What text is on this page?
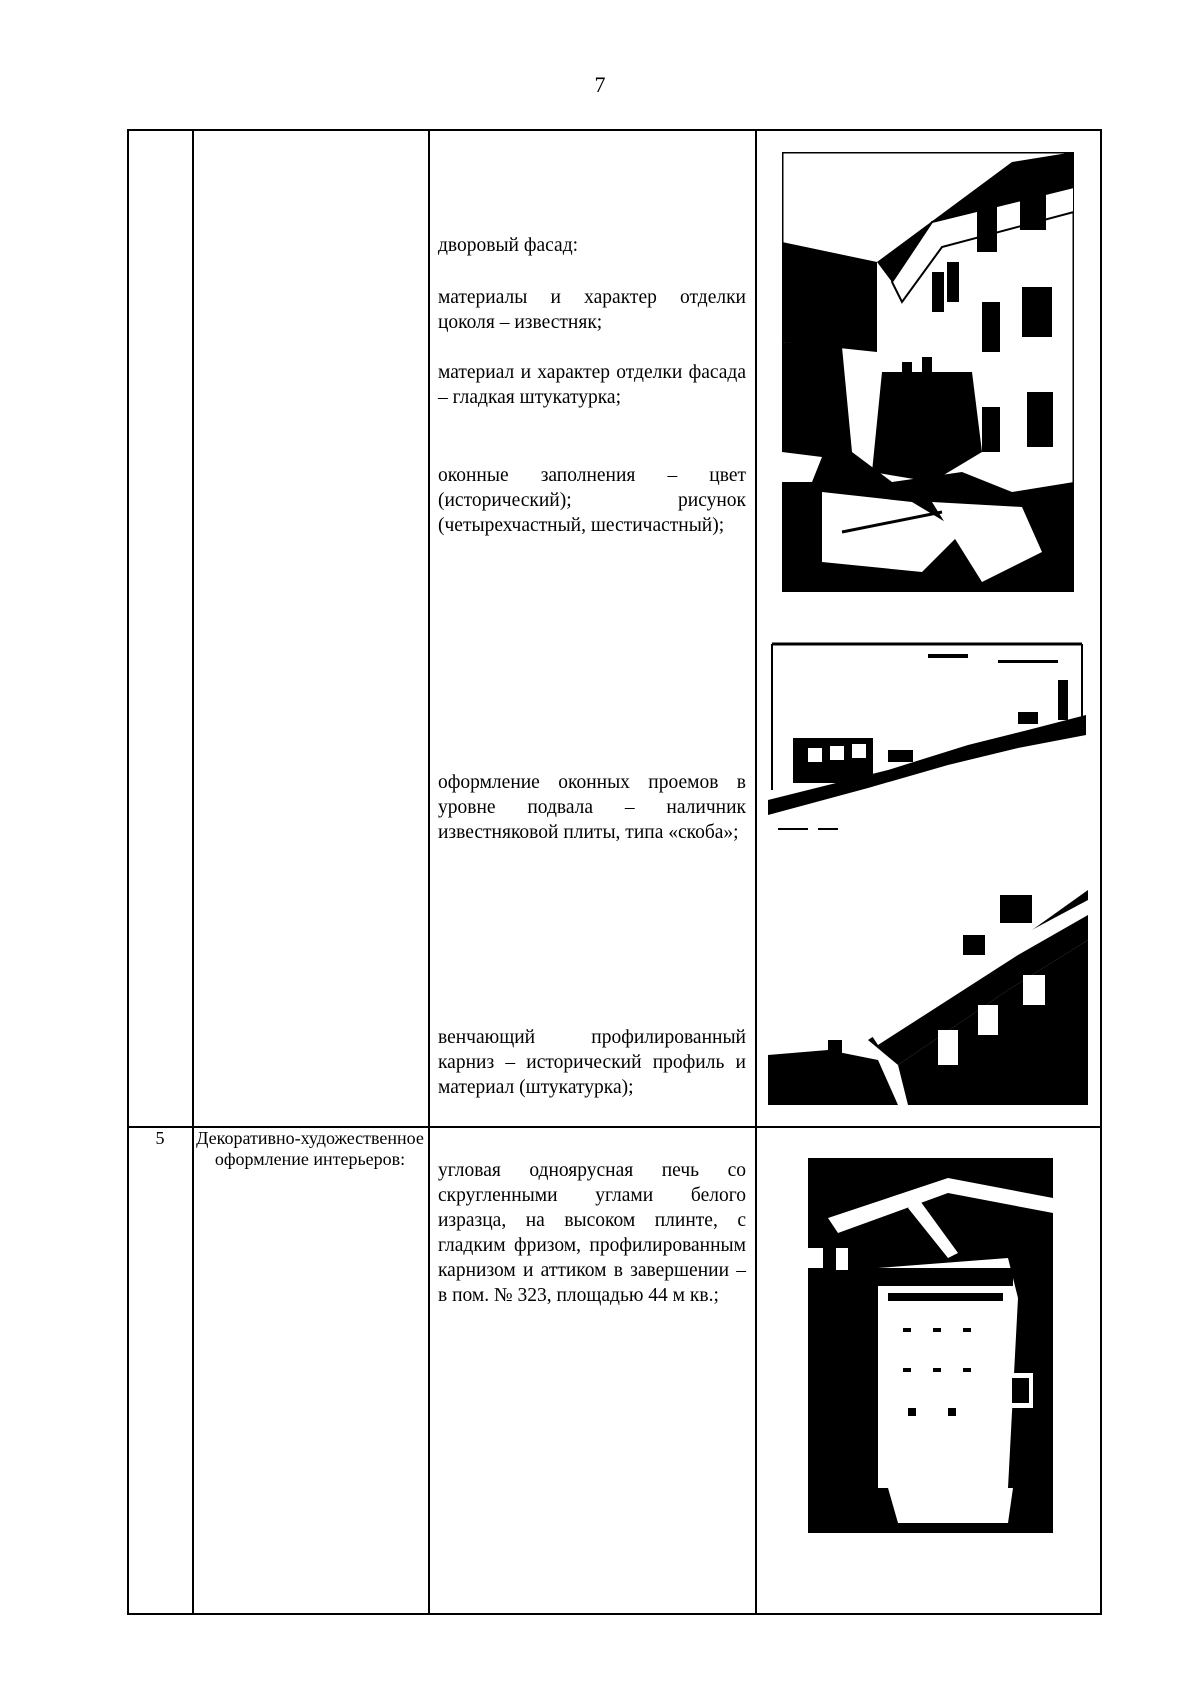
7
дворовый фасад:
материалы и характер отделки цоколя – известняк;
материал и характер отделки фасада – гладкая штукатурка;
оконные заполнения – цвет (исторический); рисунок (четырехчастный, шестичастный);
оформление оконных проемов в уровне подвала – наличник известняковой плиты, типа «скоба»;
венчающий профилированный карниз – исторический профиль и материал (штукатурка);
5	Декоративно-художественное оформление интерьеров:
угловая одноярусная печь со скругленными углами белого изразца, на высоком плинте, с гладким фризом, профилированным карнизом и аттиком в завершении – в пом. № 323, площадью 44 м кв.;
